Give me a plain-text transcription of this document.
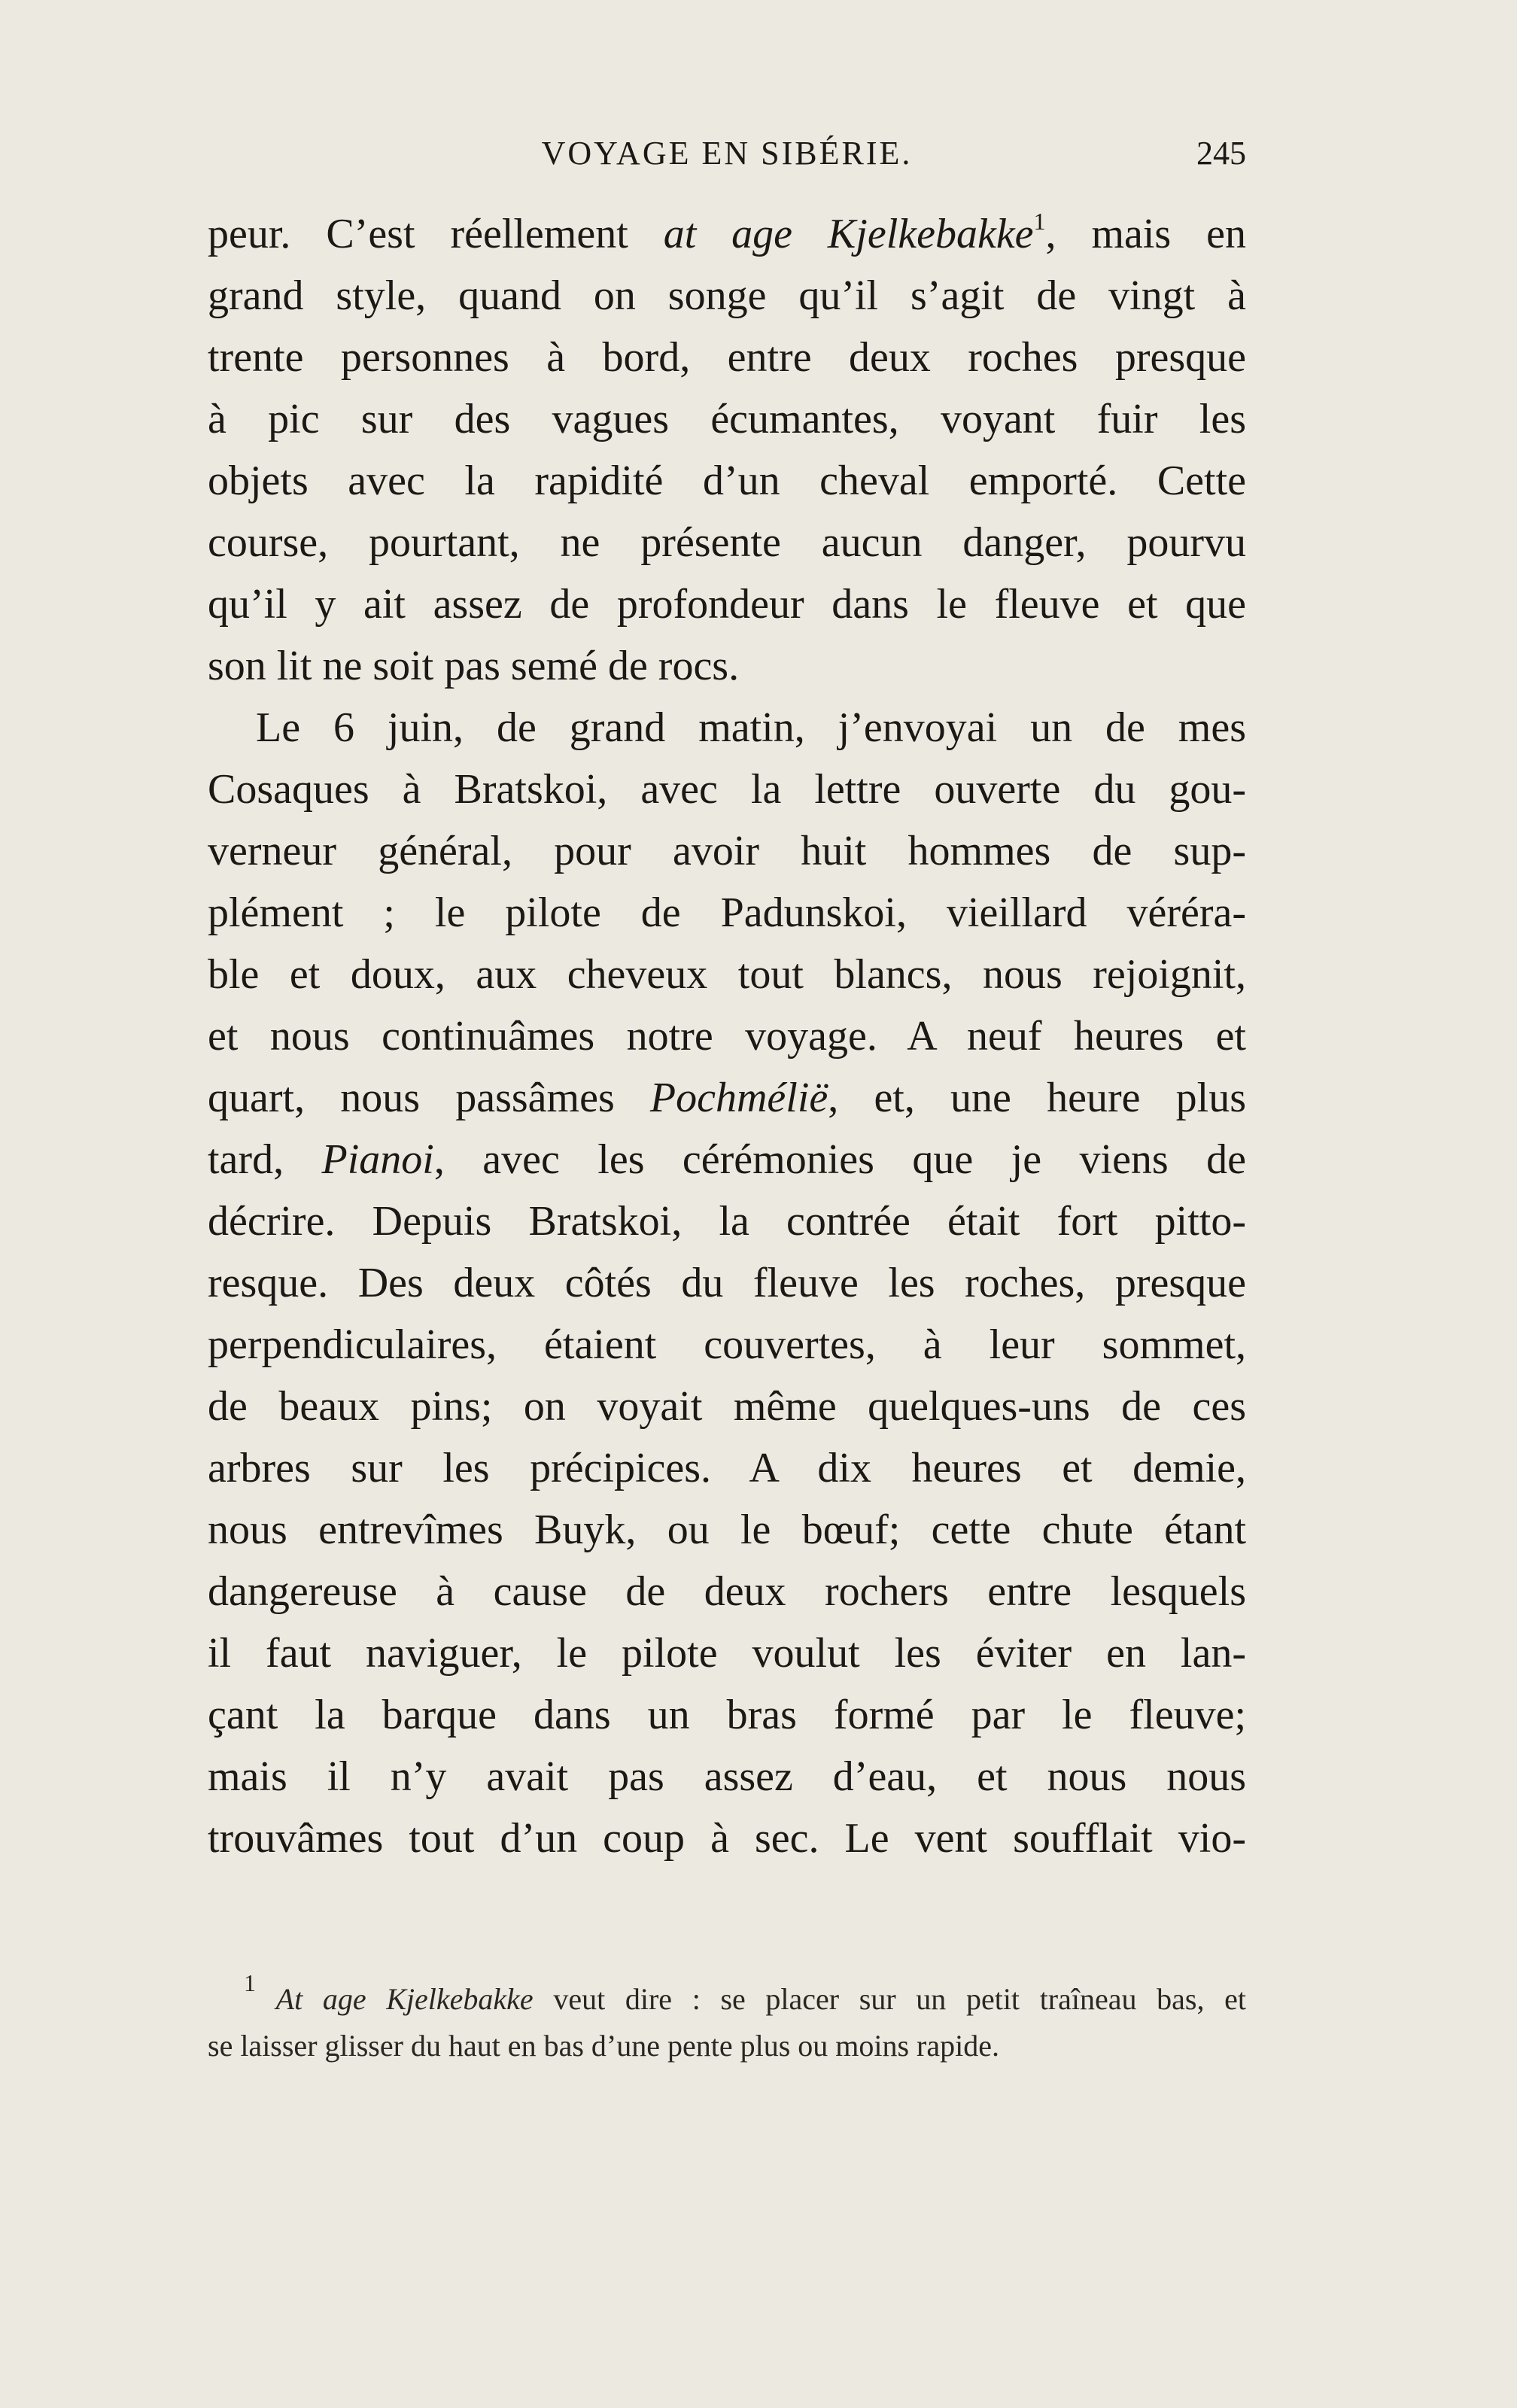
VOYAGE EN SIBÉRIE.	245
peur. C’est réellement at age Kjelkebakke$^1$, mais en
grand style, quand on songe qu’il s’agit de vingt à
trente personnes à bord, entre deux roches presque
à pic sur des vagues écumantes, voyant fuir les
objets avec la rapidité d’un cheval emporté. Cette
course, pourtant, ne présente aucun danger, pourvu
qu’il y ait assez de profondeur dans le fleuve et que
son lit ne soit pas semé de rocs.
Le 6 juin, de grand matin, j’envoyai un de mes
Cosaques à Bratskoi, avec la lettre ouverte du gou-
verneur général, pour avoir huit hommes de sup-
plément ; le pilote de Padunskoi, vieillard véréra-
ble et doux, aux cheveux tout blancs, nous rejoignit,
et nous continuâmes notre voyage. A neuf heures et
quart, nous passâmes Pochmélië, et, une heure plus
tard, Pianoi, avec les cérémonies que je viens de
décrire. Depuis Bratskoi, la contrée était fort pitto-
resque. Des deux côtés du fleuve les roches, presque
perpendiculaires, étaient couvertes, à leur sommet,
de beaux pins; on voyait même quelques-uns de ces
arbres sur les précipices. A dix heures et demie,
nous entrevîmes Buyk, ou le bœuf; cette chute étant
dangereuse à cause de deux rochers entre lesquels
il faut naviguer, le pilote voulut les éviter en lan-
çant la barque dans un bras formé par le fleuve;
mais il n’y avait pas assez d’eau, et nous nous
trouvâmes tout d’un coup à sec. Le vent soufflait vio-
$^1$ At age Kjelkebakke veut dire : se placer sur un petit traîneau bas, et
se laisser glisser du haut en bas d’une pente plus ou moins rapide.
